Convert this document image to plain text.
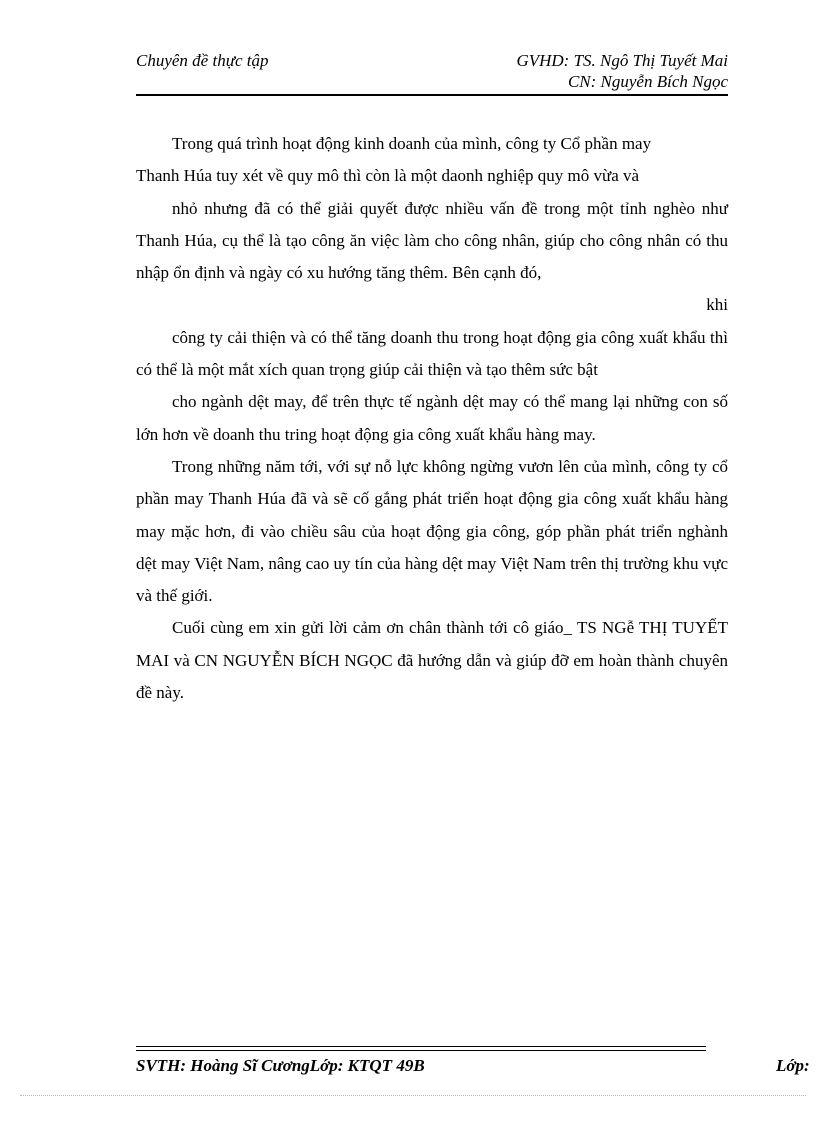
Chuyên đề thực tập	GVHD: TS. Ngô Thị Tuyết Mai
CN: Nguyễn Bích Ngọc

Trong quá trình hoạt động kinh doanh của mình, công ty Cổ phần may

Thanh Húa tuy xét về quy mô thì còn là một daonh nghiệp quy mô vừa và

nhỏ nhưng đã có thể giải quyết được nhiều vấn đề trong một tỉnh nghèo như Thanh Húa, cụ thể là tạo công ăn việc làm cho công nhân, giúp cho công nhân có thu nhập ổn định và ngày có xu hướng tăng thêm. Bên cạnh đó,

khi

công ty cải thiện và có thể tăng doanh thu trong hoạt động gia công xuất khẩu thì có thể là một mắt xích quan trọng giúp cải thiện và tạo thêm sức bật

cho ngành dệt may, để trên thực tế ngành dệt may có thể mang lại những con số lớn hơn về doanh thu tring hoạt động gia công xuất khẩu hàng may.

Trong những năm tới, với sự nỗ lực không ngừng vươn lên của mình, công ty cổ phần may Thanh Húa đã và sẽ cố gắng phát triển hoạt động gia công xuất khẩu hàng may mặc hơn, đi vào chiều sâu của hoạt động gia công, góp phần phát triển nghành dệt may Việt Nam, nâng cao uy tín của hàng dệt may Việt Nam trên thị trường khu vực và thế giới.

Cuối cùng em xin gửi lời cảm ơn chân thành tới cô giáo_ TS NGễ THỊ TUYẾT MAI và CN NGUYỄN BÍCH NGỌC đã hướng dẫn và giúp đỡ em hoàn thành chuyên đề này.

SVTH: Hoàng Sĩ CươngLớp: KTQT 49B	Lớp:
